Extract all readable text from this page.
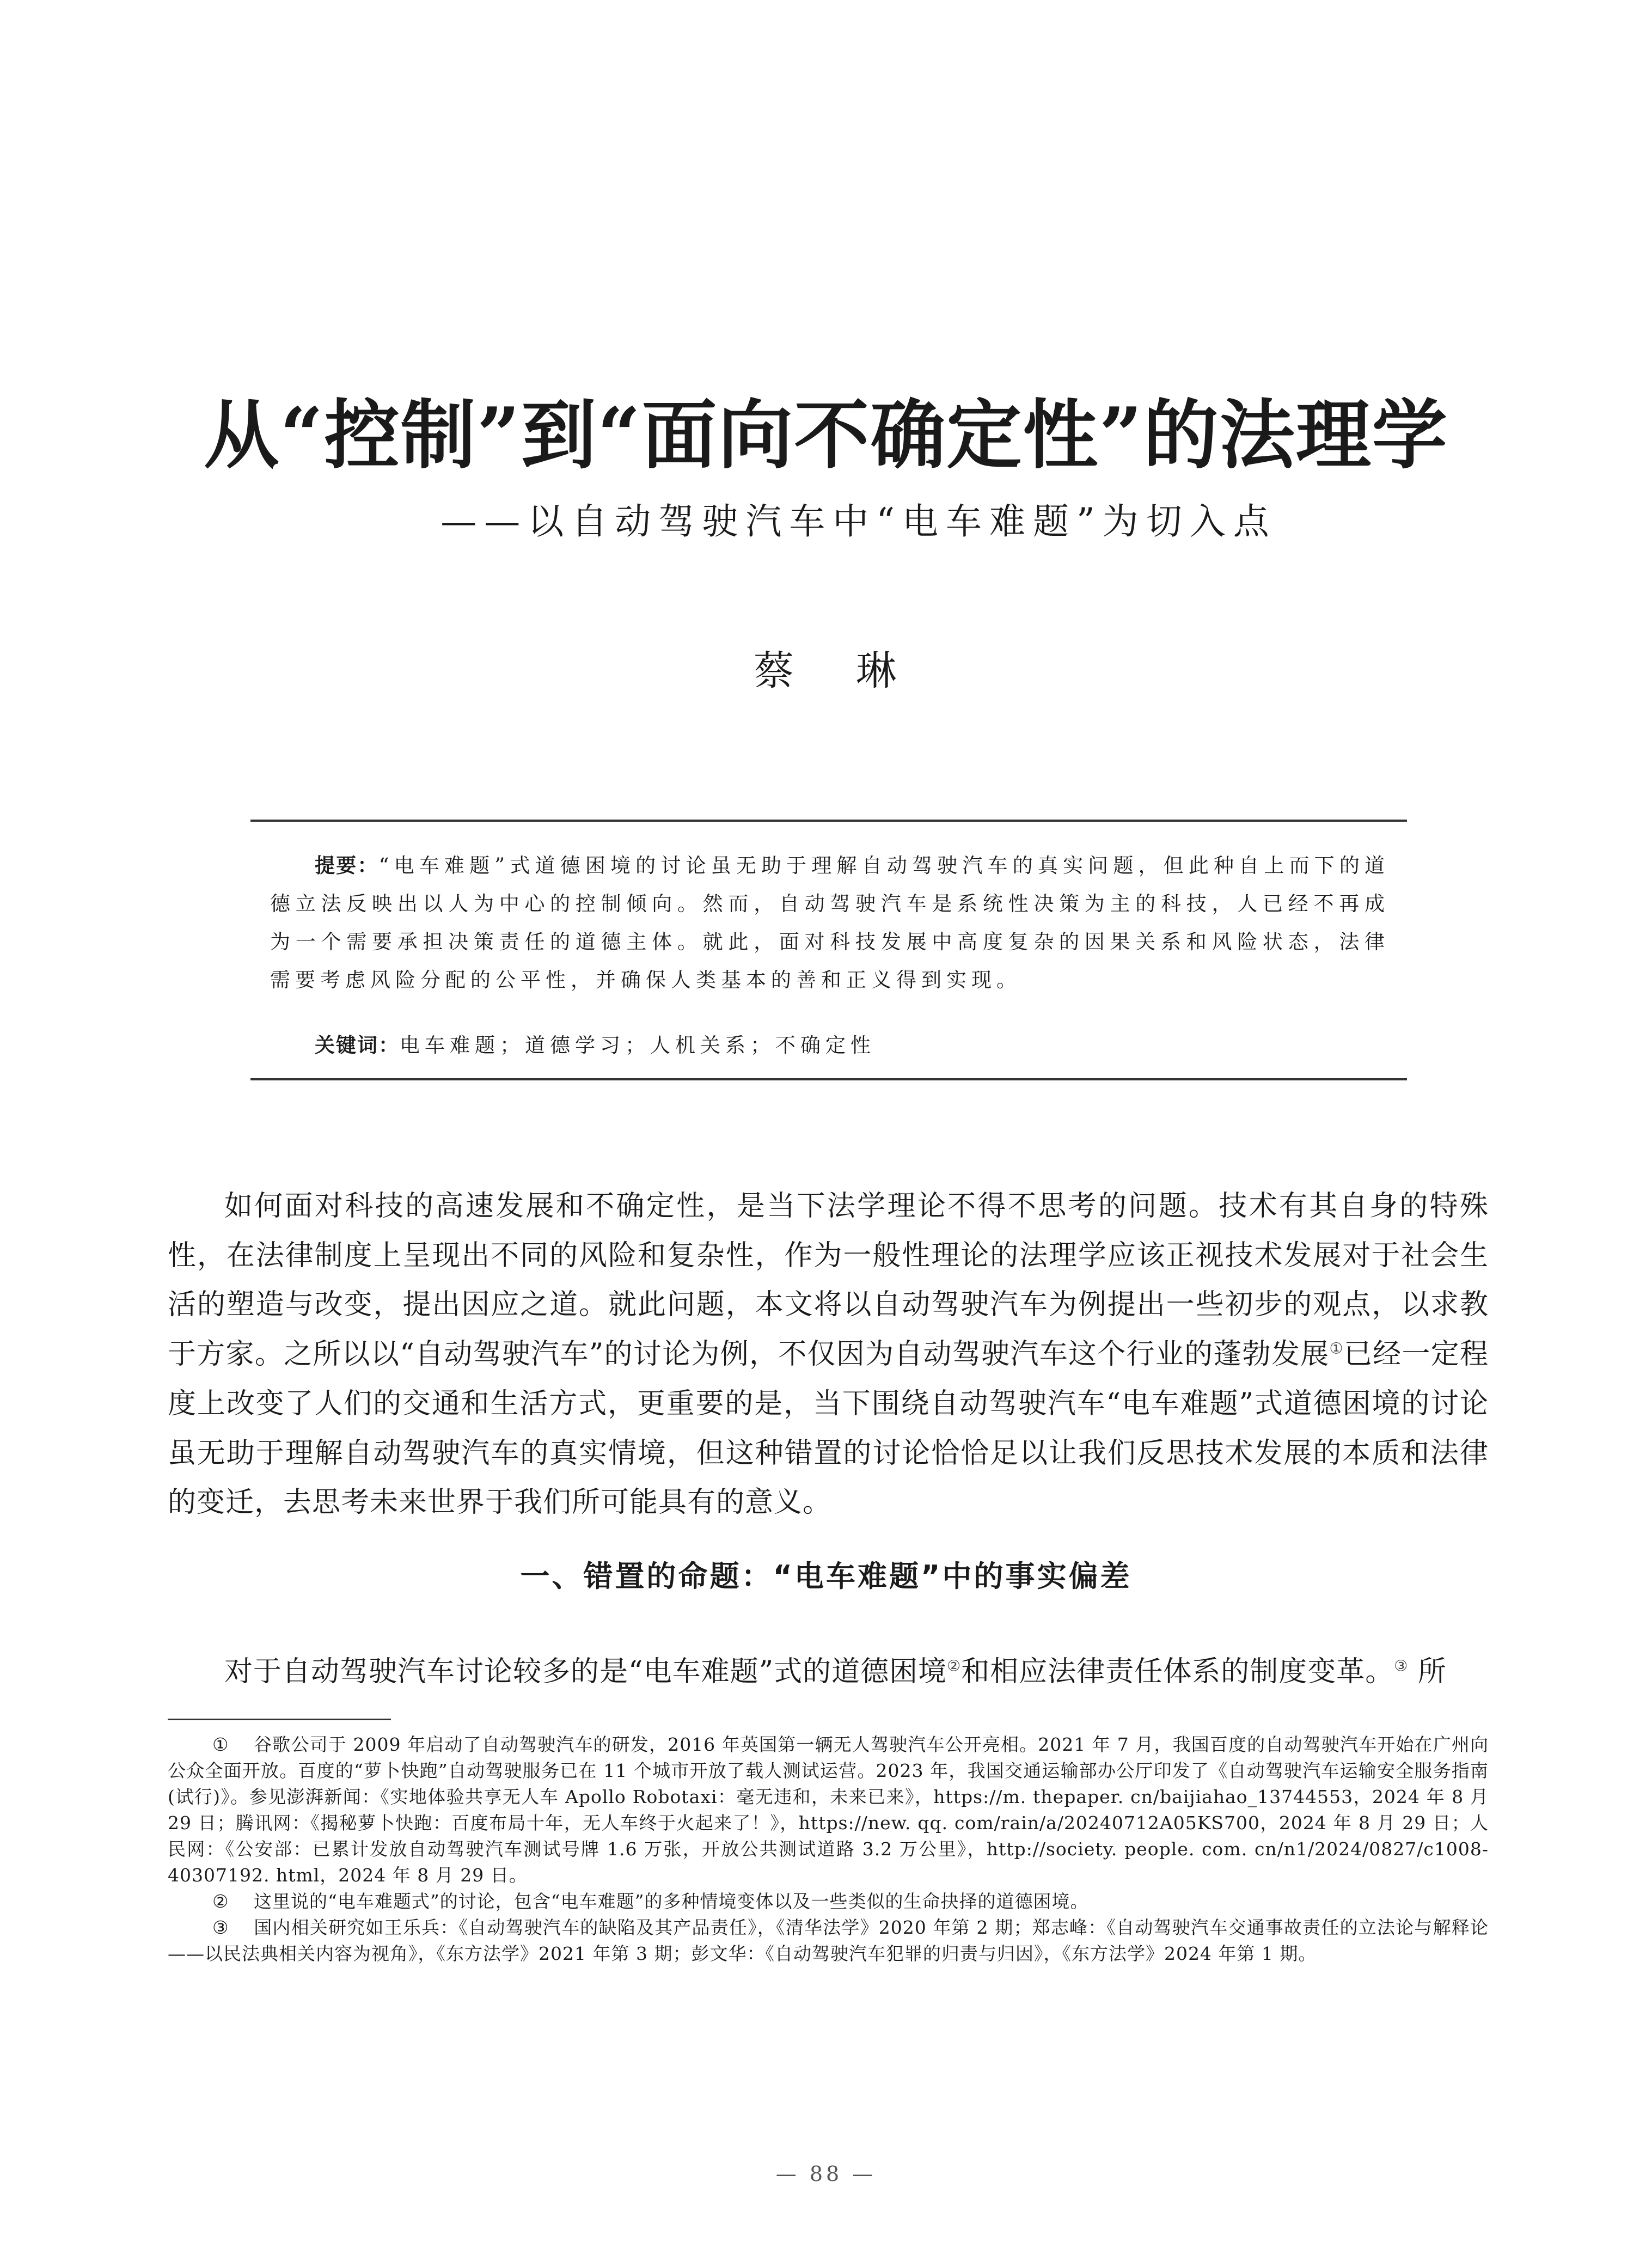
从“控制”到“面向不确定性”的法理学
——以自动驾驶汽车中“电车难题”为切入点
蔡 琳
提要：“电车难题”式道德困境的讨论虽无助于理解自动驾驶汽车的真实问题，但此种自上而下的道德立法反映出以人为中心的控制倾向。然而，自动驾驶汽车是系统性决策为主的科技，人已经不再成为一个需要承担决策责任的道德主体。就此，面对科技发展中高度复杂的因果关系和风险状态，法律需要考虑风险分配的公平性，并确保人类基本的善和正义得到实现。
关键词：电车难题；道德学习；人机关系；不确定性

如何面对科技的高速发展和不确定性，是当下法学理论不得不思考的问题。技术有其自身的特殊性，在法律制度上呈现出不同的风险和复杂性，作为一般性理论的法理学应该正视技术发展对于社会生活的塑造与改变，提出因应之道。就此问题，本文将以自动驾驶汽车为例提出一些初步的观点，以求教于方家。之所以以“自动驾驶汽车”的讨论为例，不仅因为自动驾驶汽车这个行业的蓬勃发展①已经一定程度上改变了人们的交通和生活方式，更重要的是，当下围绕自动驾驶汽车“电车难题”式道德困境的讨论虽无助于理解自动驾驶汽车的真实情境，但这种错置的讨论恰恰足以让我们反思技术发展的本质和法律的变迁，去思考未来世界于我们所可能具有的意义。

一、错置的命题：“电车难题”中的事实偏差

对于自动驾驶汽车讨论较多的是“电车难题”式的道德困境②和相应法律责任体系的制度变革。③ 所

① 谷歌公司于 2009 年启动了自动驾驶汽车的研发，2016 年英国第一辆无人驾驶汽车公开亮相。2021 年 7 月，我国百度的自动驾驶汽车开始在广州向公众全面开放。百度的“萝卜快跑”自动驾驶服务已在 11 个城市开放了载人测试运营。2023 年，我国交通运输部办公厅印发了《自动驾驶汽车运输安全服务指南(试行)》。参见澎湃新闻：《实地体验共享无人车 Apollo Robotaxi：毫无违和，未来已来》，https://m. thepaper. cn/baijiahao_13744553，2024 年 8 月 29 日；腾讯网：《揭秘萝卜快跑：百度布局十年，无人车终于火起来了！》，https://new. qq. com/rain/a/20240712A05KS700，2024 年 8 月 29 日；人民网：《公安部：已累计发放自动驾驶汽车测试号牌 1.6 万张，开放公共测试道路 3.2 万公里》，http://society. people. com. cn/n1/2024/0827/c1008-40307192. html，2024 年 8 月 29 日。

② 这里说的“电车难题式”的讨论，包含“电车难题”的多种情境变体以及一些类似的生命抉择的道德困境。

③ 国内相关研究如王乐兵：《自动驾驶汽车的缺陷及其产品责任》，《清华法学》2020 年第 2 期；郑志峰：《自动驾驶汽车交通事故责任的立法论与解释论——以民法典相关内容为视角》，《东方法学》2021 年第 3 期；彭文华：《自动驾驶汽车犯罪的归责与归因》，《东方法学》2024 年第 1 期。

— 88 —
